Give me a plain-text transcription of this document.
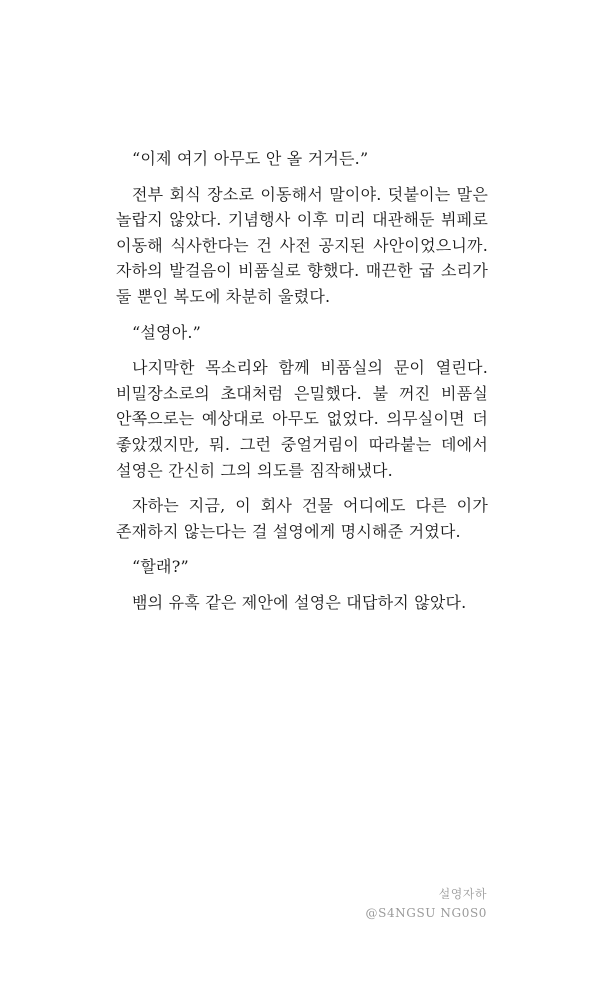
“이제 여기 아무도 안 올 거거든.”

전부 회식 장소로 이동해서 말이야. 덧붙이는 말은 놀랍지 않았다. 기념행사 이후 미리 대관해둔 뷔페로 이동해 식사한다는 건 사전 공지된 사안이었으니까. 자하의 발걸음이 비품실로 향했다. 매끈한 굽 소리가 둘 뿐인 복도에 차분히 울렸다.

“설영아.”

나지막한 목소리와 함께 비품실의 문이 열린다. 비밀장소로의 초대처럼 은밀했다. 불 꺼진 비품실 안쪽으로는 예상대로 아무도 없었다. 의무실이면 더 좋았겠지만, 뭐. 그런 중얼거림이 따라붙는 데에서 설영은 간신히 그의 의도를 짐작해냈다.

자하는 지금, 이 회사 건물 어디에도 다른 이가 존재하지 않는다는 걸 설영에게 명시해준 거였다.

“할래?”

뱀의 유혹 같은 제안에 설영은 대답하지 않았다.

설영자하
@S4NGSU NG0S0
